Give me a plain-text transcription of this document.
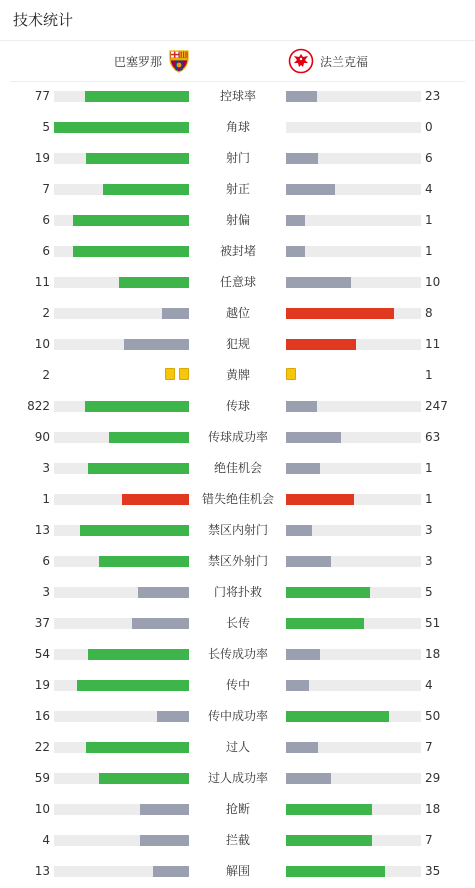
技术统计
巴塞罗那	法兰克福
77	控球率	23
5	角球	0
19	射门	6
7	射正	4
6	射偏	1
6	被封堵	1
11	任意球	10
2	越位	8
10	犯规	11
2	黄牌	1
822	传球	247
90	传球成功率	63
3	绝佳机会	1
1	错失绝佳机会	1
13	禁区内射门	3
6	禁区外射门	3
3	门将扑救	5
37	长传	51
54	长传成功率	18
19	传中	4
16	传中成功率	50
22	过人	7
59	过人成功率	29
10	抢断	18
4	拦截	7
13	解围	35
